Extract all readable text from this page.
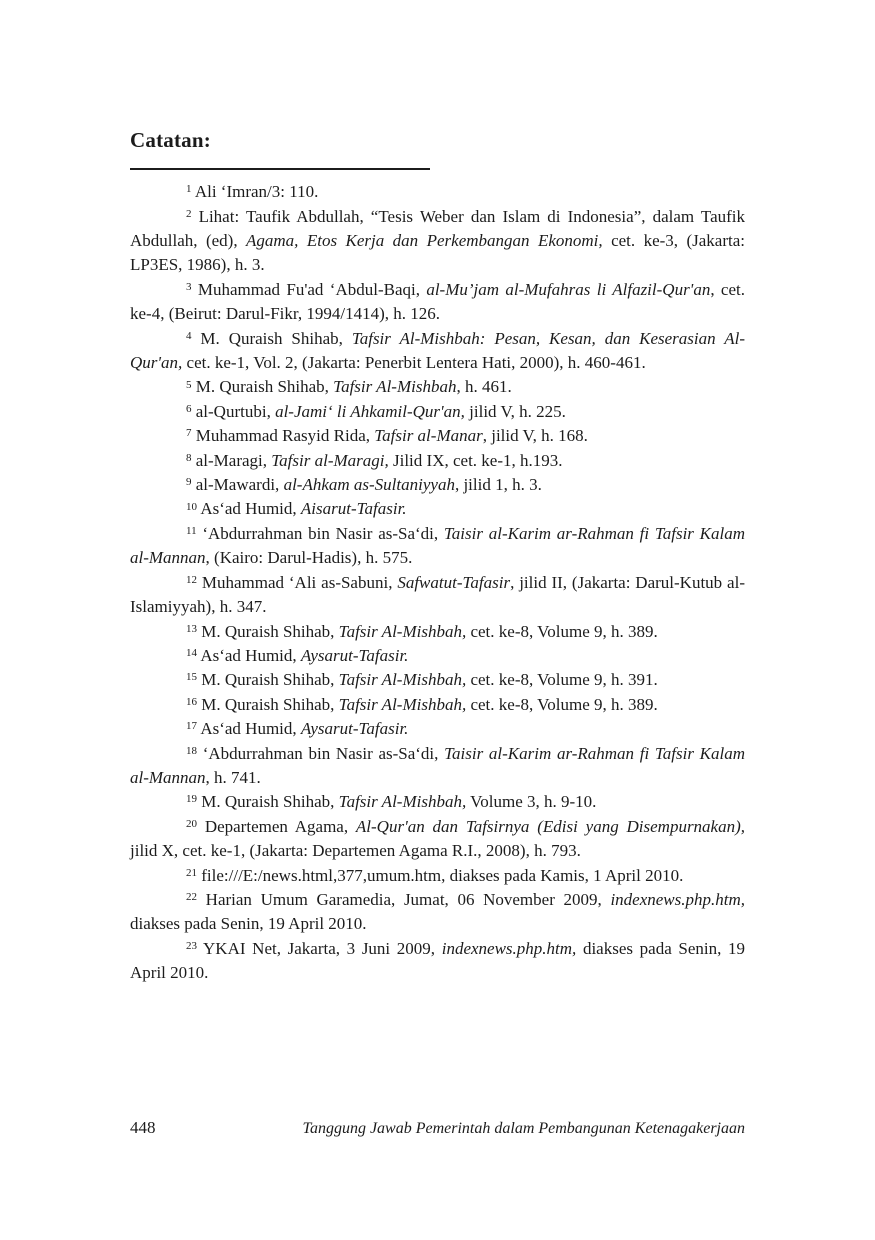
Catatan:

$^1$ Ali ‘Imran/3: 110.

$^2$ Lihat: Taufik Abdullah, “Tesis Weber dan Islam di Indonesia”, dalam Taufik Abdullah, (ed), Agama, Etos Kerja dan Perkembangan Ekonomi, cet. ke-3, (Jakarta: LP3ES, 1986), h. 3.

$^3$ Muhammad Fu'ad ‘Abdul-Baqi, al-Mu’jam al-Mufahras li Alfazil-Qur'an, cet. ke-4, (Beirut: Darul-Fikr, 1994/1414), h. 126.

$^4$ M. Quraish Shihab, Tafsir Al-Mishbah: Pesan, Kesan, dan Keserasian Al-Qur'an, cet. ke-1, Vol. 2, (Jakarta: Penerbit Lentera Hati, 2000), h. 460-461.

$^5$ M. Quraish Shihab, Tafsir Al-Mishbah, h. 461.

$^6$ al-Qurtubi, al-Jami‘ li Ahkamil-Qur'an, jilid V, h. 225.

$^7$ Muhammad Rasyid Rida, Tafsir al-Manar, jilid V, h. 168.

$^8$ al-Maragi, Tafsir al-Maragi, Jilid IX, cet. ke-1, h.193.

$^9$ al-Mawardi, al-Ahkam as-Sultaniyyah, jilid 1, h. 3.

$^{10}$ As‘ad Humid, Aisarut-Tafasir.

$^{11}$ ‘Abdurrahman bin Nasir as-Sa‘di, Taisir al-Karim ar-Rahman fi Tafsir Kalam al-Mannan, (Kairo: Darul-Hadis), h. 575.

$^{12}$ Muhammad ‘Ali as-Sabuni, Safwatut-Tafasir, jilid II, (Jakarta: Darul-Kutub al-Islamiyyah), h. 347.

$^{13}$ M. Quraish Shihab, Tafsir Al-Mishbah, cet. ke-8, Volume 9, h. 389.

$^{14}$ As‘ad Humid, Aysarut-Tafasir.

$^{15}$ M. Quraish Shihab, Tafsir Al-Mishbah, cet. ke-8, Volume 9, h. 391.

$^{16}$ M. Quraish Shihab, Tafsir Al-Mishbah, cet. ke-8, Volume 9, h. 389.

$^{17}$ As‘ad Humid, Aysarut-Tafasir.

$^{18}$ ‘Abdurrahman bin Nasir as-Sa‘di, Taisir al-Karim ar-Rahman fi Tafsir Kalam al-Mannan, h. 741.

$^{19}$ M. Quraish Shihab, Tafsir Al-Mishbah, Volume 3, h. 9-10.

$^{20}$ Departemen Agama, Al-Qur'an dan Tafsirnya (Edisi yang Disempurnakan), jilid X, cet. ke-1, (Jakarta: Departemen Agama R.I., 2008), h. 793.

$^{21}$ file:///E:/news.html,377,umum.htm, diakses pada Kamis, 1 April 2010.

$^{22}$ Harian Umum Garamedia, Jumat, 06 November 2009, indexnews.php.htm, diakses pada Senin, 19 April 2010.

$^{23}$ YKAI Net, Jakarta, 3 Juni 2009, indexnews.php.htm, diakses pada Senin, 19 April 2010.

448	Tanggung Jawab Pemerintah dalam Pembangunan Ketenagakerjaan
